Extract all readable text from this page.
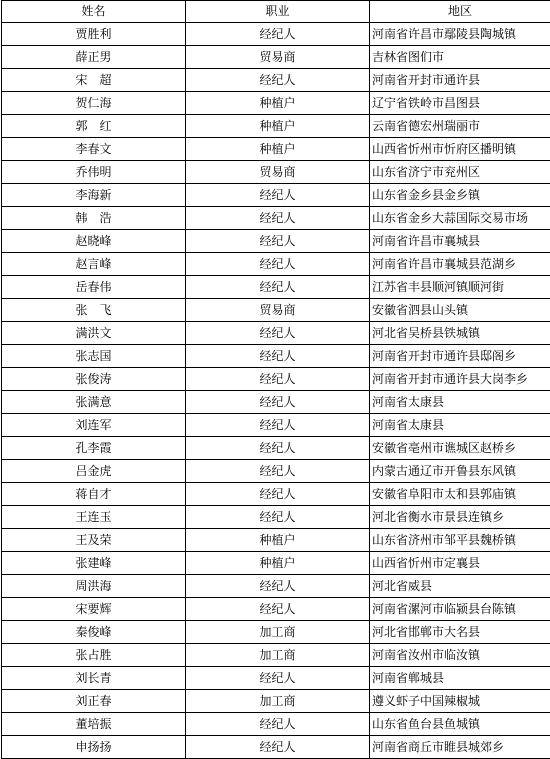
姓名	职业	地区
贾胜利	经纪人	河南省许昌市鄢陵县陶城镇
薛正男	贸易商	吉林省图们市
宋　超	经纪人	河南省开封市通许县
贺仁海	种植户	辽宁省铁岭市昌图县
郭　红	种植户	云南省德宏州瑞丽市
李春文	种植户	山西省忻州市忻府区播明镇
乔伟明	贸易商	山东省济宁市兖州区
李海新	经纪人	山东省金乡县金乡镇
韩　浩	经纪人	山东省金乡大蒜国际交易市场
赵晓峰	经纪人	河南省许昌市襄城县
赵言峰	经纪人	河南省许昌市襄城县范湖乡
岳春伟	经纪人	江苏省丰县顺河镇顺河街
张　飞	贸易商	安徽省泗县山头镇
满洪文	经纪人	河北省吴桥县铁城镇
张志国	经纪人	河南省开封市通许县邸阁乡
张俊涛	经纪人	河南省开封市通许县大岗李乡
张满意	经纪人	河南省太康县
刘连军	经纪人	河南省太康县
孔李霞	经纪人	安徽省亳州市谯城区赵桥乡
吕金虎	经纪人	内蒙古通辽市开鲁县东风镇
蒋自才	经纪人	安徽省阜阳市太和县郭庙镇
王连玉	经纪人	河北省衡水市景县连镇乡
王及荣	种植户	山东省济州市邹平县魏桥镇
张建峰	种植户	山西省忻州市定襄县
周洪海	经纪人	河北省威县
宋要辉	经纪人	河南省漯河市临颍县台陈镇
秦俊峰	加工商	河北省邯郸市大名县
张占胜	加工商	河南省汝州市临汝镇
刘长青	经纪人	河南省郸城县
刘正春	加工商	遵义虾子中国辣椒城
董培振	经纪人	山东省鱼台县鱼城镇
申扬扬	经纪人	河南省商丘市睢县城郊乡
